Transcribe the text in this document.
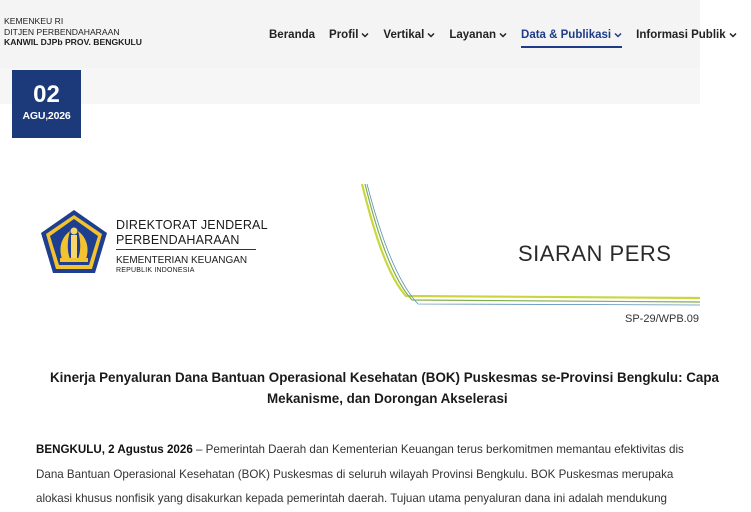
KEMENKEU RI
DITJEN PERBENDAHARAAN
KANWIL DJPb PROV. BENGKULU
Beranda Profil Vertikal Layanan Data & Publikasi Informasi Publik
02
AGU,2026
DIREKTORAT JENDERAL
PERBENDAHARAAN
KEMENTERIAN KEUANGAN
REPUBLIK INDONESIA
SIARAN PERS
SP-29/WPB.09
Kinerja Penyaluran Dana Bantuan Operasional Kesehatan (BOK) Puskesmas se-Provinsi Bengkulu: Capa
Mekanisme, dan Dorongan Akselerasi
BENGKULU, 2 Agustus 2026 – Pemerintah Daerah dan Kementerian Keuangan terus berkomitmen memantau efektivitas dis
Dana Bantuan Operasional Kesehatan (BOK) Puskesmas di seluruh wilayah Provinsi Bengkulu. BOK Puskesmas merupaka
alokasi khusus nonfisik yang disakurkan kepada pemerintah daerah. Tujuan utama penyaluran dana ini adalah mendukung
